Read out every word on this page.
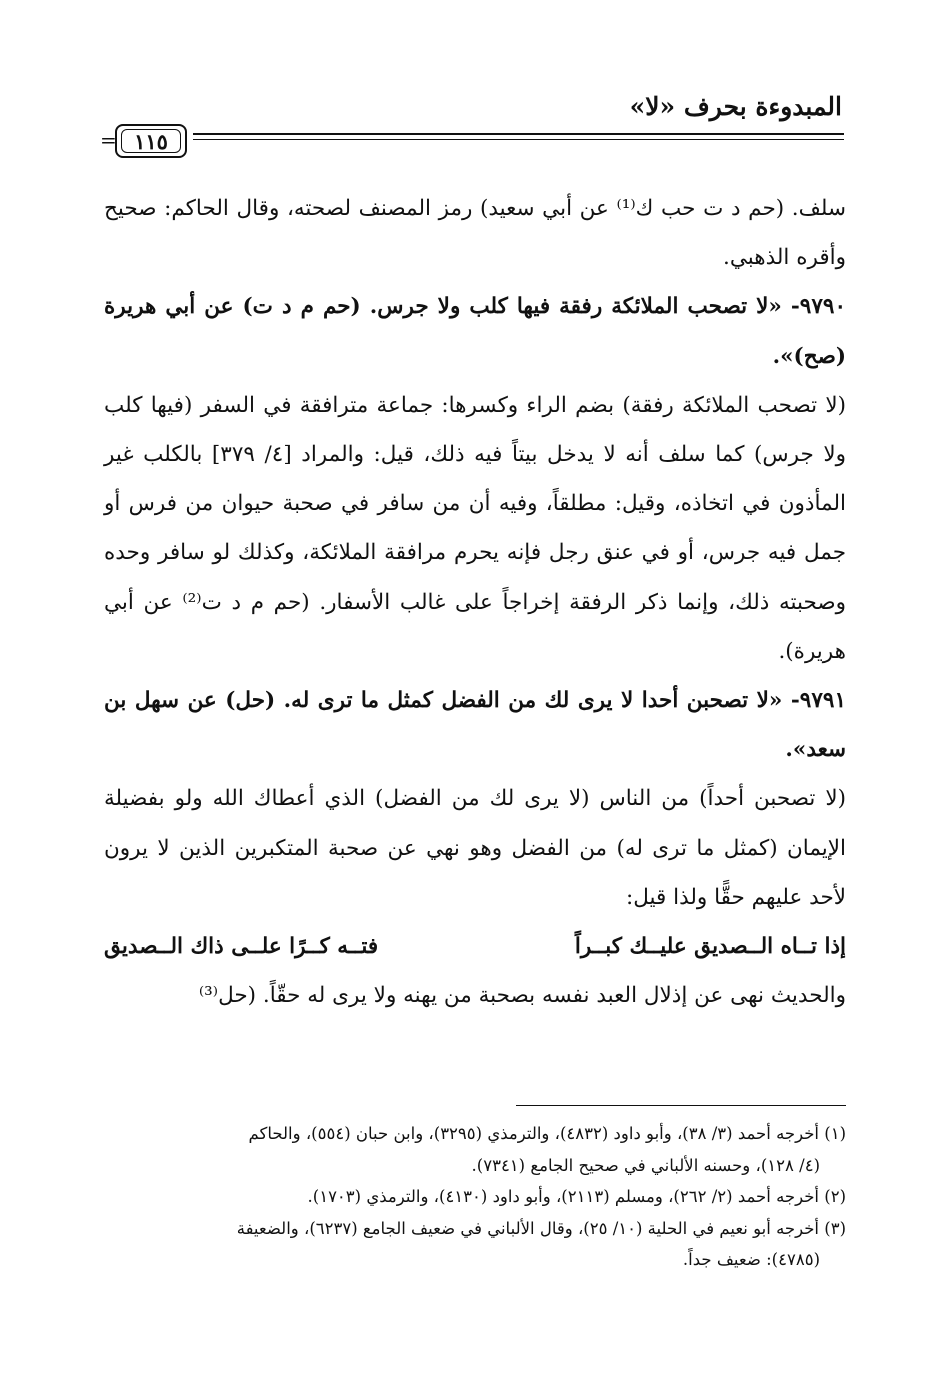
المبدوءة بحرف «لا»
= ١١٥

سلف. (حم د ت حب ك⁽¹⁾ عن أبي سعيد) رمز المصنف لصحته، وقال الحاكم: صحيح وأقره الذهبي.

٩٧٩٠- «لا تصحب الملائكة رفقة فيها كلب ولا جرس. (حم م د ت) عن أبي هريرة (صح)».

(لا تصحب الملائكة رفقة) بضم الراء وكسرها: جماعة مترافقة في السفر (فيها كلب ولا جرس) كما سلف أنه لا يدخل بيتاً فيه ذلك، قيل: والمراد [٤/ ٣٧٩] بالكلب غير المأذون في اتخاذه، وقيل: مطلقاً، وفيه أن من سافر في صحبة حيوان من فرس أو جمل فيه جرس، أو في عنق رجل فإنه يحرم مرافقة الملائكة، وكذلك لو سافر وحده وصحبته ذلك، وإنما ذكر الرفقة إخراجاً على غالب الأسفار. (حم م د ت⁽²⁾ عن أبي هريرة).

٩٧٩١- «لا تصحبن أحدا لا يرى لك من الفضل كمثل ما ترى له. (حل) عن سهل بن سعد».

(لا تصحبن أحداً) من الناس (لا يرى لك من الفضل) الذي أعطاك الله ولو بفضيلة الإيمان (كمثل ما ترى له) من الفضل وهو نهي عن صحبة المتكبرين الذين لا يرون لأحد عليهم حقًّا ولذا قيل:

إذا تــاه الــصديق عليــك كبــراً
فتــه كــرًا علــى ذاك الــصديق

والحديث نهى عن إذلال العبد نفسه بصحبة من يهنه ولا يرى له حقّاً. (حل⁽³⁾

(١) أخرجه أحمد (٣/ ٣٨)، وأبو داود (٤٨٣٢)، والترمذي (٣٢٩٥)، وابن حبان (٥٥٤)، والحاكم

(٤/ ١٢٨)، وحسنه الألباني في صحيح الجامع (٧٣٤١).

(٢) أخرجه أحمد (٢/ ٢٦٢)، ومسلم (٢١١٣)، وأبو داود (٤١٣٠)، والترمذي (١٧٠٣).

(٣) أخرجه أبو نعيم في الحلية (١٠/ ٢٥)، وقال الألباني في ضعيف الجامع (٦٢٣٧)، والضعيفة

(٤٧٨٥): ضعيف جداً.
